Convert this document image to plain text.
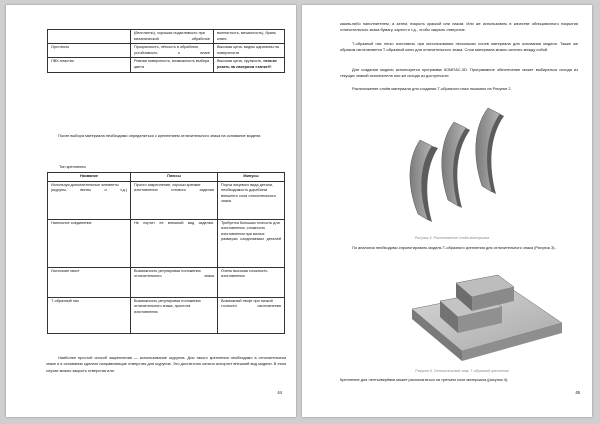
	(бесплатно), хорошая податливость при механической обработке	волнистость, мешистость), брань клаги
Оргстекло	Прозрачность, лёгкость в обработке, устойчивость к влаге	Высокая цена, видны царапины на поверхности
ПВХ-пластик	Ровная поверхность, возможность выбора цвета	Высокая цена, хрупкость, нельзя резать на лазерном станке!!!
После выбора материала необходимо определиться с креплением отличительного знака на основание модели.
Тип крепления
Название	Плюсы	Минусы
Используя дополнительные элементы (шурупы, винты и т.д.)	Просто закрепление, хорошо крепкие изготовления готового изделия	Порча лицевого вида детали, необходимость доработки внешнего слоя отличительного знака
Нагельное соединение	Не портит ее внешний вид изделия.	Требуется большая точность для изготовления, сложность изготовления при малых размерах соединяемых деталей
Ласточкин хвост	Возможность регулировки положения отличительного знака	Очень высокая сложность изготовления
Т-образный паз	Возможность регулировки положения отличительного знака, простота изготовления	Возможный люфт при низкой точности изготовления
Наиболее простой способ закрепления — использование шурупов. Для такого крепления необходимо в отличительном знаке и в основании сделать направляющие отверстия для шурупов. Это достаточно сильно испортит внешний вид модели. В этом случае можно закрыть отверстия или
44
каким-либо наполнителем, а затем, покрыть краской или лаком. Или же использовать в качестве облицовочного покрытия отличительного знака бумагу, картон и т.д., чтобы закрыть отверстие.
Т-образный паз легко изготовить при использовании нескольких слоев материала для основания модели. Также же образом изготовляется Т-образный ключ для отличительного знака. Слои материала можно склеить между собой.
Для создания модели используется программа КОМПАС-3D. Программное обеспечение может выбираться исходя из текущих знаний исполнителя или же исходя из доступности.
Расположение слоёв материала для создания Т-образного паза показано на Рисунке 2.
Рисунок 4. Расположение слоёв материала
По аналогии необходимо спроектировать модель Т-образного крепления для отличительного знака (Рисунок 3).
Рисунок 5. Отличительный знак. Т-образный крепления
Крепление для ленты/верёвки может располагаться на третьем слое материала (рисунок 4).
45
